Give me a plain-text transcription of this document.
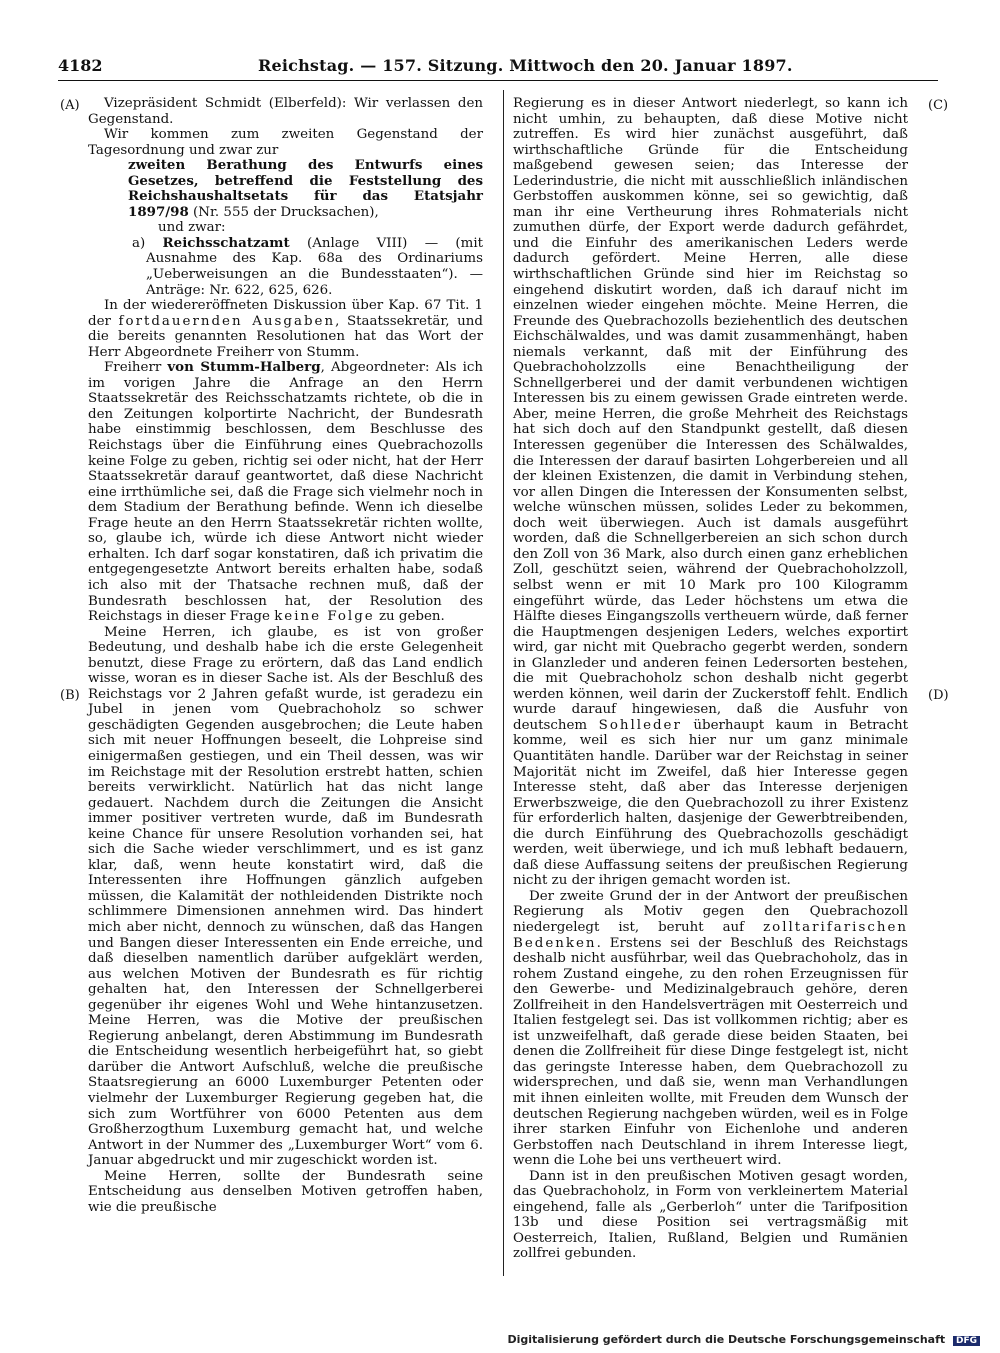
4182	Reichstag. — 157. Sitzung. Mittwoch den 20. Januar 1897.
(A)
(B)
(C)
(D)

Vizepräsident Schmidt (Elberfeld): Wir verlassen den Gegenstand.

Wir kommen zum zweiten Gegenstand der Tagesordnung und zwar zur

zweiten Berathung des Entwurfs eines Gesetzes, betreffend die Feststellung des Reichshaushaltsetats für das Etatsjahr 1897/98 (Nr. 555 der Drucksachen),

und zwar:

a) Reichsschatzamt (Anlage VIII) — (mit Ausnahme des Kap. 68a des Ordinariums „Ueberweisungen an die Bundesstaaten“). — Anträge: Nr. 622, 625, 626.

In der wiedereröffneten Diskussion über Kap. 67 Tit. 1 der fortdauernden Ausgaben, Staatssekretär, und die bereits genannten Resolutionen hat das Wort der Herr Abgeordnete Freiherr von Stumm.

Freiherr von Stumm-Halberg, Abgeordneter: Als ich im vorigen Jahre die Anfrage an den Herrn Staatssekretär des Reichsschatzamts richtete, ob die in den Zeitungen kolportirte Nachricht, der Bundesrath habe einstimmig beschlossen, dem Beschlusse des Reichstags über die Einführung eines Quebrachozolls keine Folge zu geben, richtig sei oder nicht, hat der Herr Staatssekretär darauf geantwortet, daß diese Nachricht eine irrthümliche sei, daß die Frage sich vielmehr noch in dem Stadium der Berathung befinde. Wenn ich dieselbe Frage heute an den Herrn Staatssekretär richten wollte, so, glaube ich, würde ich diese Antwort nicht wieder erhalten. Ich darf sogar konstatiren, daß ich privatim die entgegengesetzte Antwort bereits erhalten habe, sodaß ich also mit der Thatsache rechnen muß, daß der Bundesrath beschlossen hat, der Resolution des Reichstags in dieser Frage keine Folge zu geben.

Meine Herren, ich glaube, es ist von großer Bedeutung, und deshalb habe ich die erste Gelegenheit benutzt, diese Frage zu erörtern, daß das Land endlich wisse, woran es in dieser Sache ist. Als der Beschluß des Reichstags vor 2 Jahren gefaßt wurde, ist geradezu ein Jubel in jenen vom Quebrachoholz so schwer geschädigten Gegenden ausgebrochen; die Leute haben sich mit neuer Hoffnungen beseelt, die Lohpreise sind einigermaßen gestiegen, und ein Theil dessen, was wir im Reichstage mit der Resolution erstrebt hatten, schien bereits verwirklicht. Natürlich hat das nicht lange gedauert. Nachdem durch die Zeitungen die Ansicht immer positiver vertreten wurde, daß im Bundesrath keine Chance für unsere Resolution vorhanden sei, hat sich die Sache wieder verschlimmert, und es ist ganz klar, daß, wenn heute konstatirt wird, daß die Interessenten ihre Hoffnungen gänzlich aufgeben müssen, die Kalamität der nothleidenden Distrikte noch schlimmere Dimensionen annehmen wird. Das hindert mich aber nicht, dennoch zu wünschen, daß das Hangen und Bangen dieser Interessenten ein Ende erreiche, und daß dieselben namentlich darüber aufgeklärt werden, aus welchen Motiven der Bundesrath es für richtig gehalten hat, den Interessen der Schnellgerberei gegenüber ihr eigenes Wohl und Wehe hintanzusetzen. Meine Herren, was die Motive der preußischen Regierung anbelangt, deren Abstimmung im Bundesrath die Entscheidung wesentlich herbeigeführt hat, so giebt darüber die Antwort Aufschluß, welche die preußische Staatsregierung an 6000 Luxemburger Petenten oder vielmehr der Luxemburger Regierung gegeben hat, die sich zum Wortführer von 6000 Petenten aus dem Großherzogthum Luxemburg gemacht hat, und welche Antwort in der Nummer des „Luxemburger Wort“ vom 6. Januar abgedruckt und mir zugeschickt worden ist.

Meine Herren, sollte der Bundesrath seine Entscheidung aus denselben Motiven getroffen haben, wie die preußische

Regierung es in dieser Antwort niederlegt, so kann ich nicht umhin, zu behaupten, daß diese Motive nicht zutreffen. Es wird hier zunächst ausgeführt, daß wirthschaftliche Gründe für die Entscheidung maßgebend gewesen seien; das Interesse der Lederindustrie, die nicht mit ausschließlich inländischen Gerbstoffen auskommen könne, sei so gewichtig, daß man ihr eine Vertheurung ihres Rohmaterials nicht zumuthen dürfe, der Export werde dadurch gefährdet, und die Einfuhr des amerikanischen Leders werde dadurch gefördert. Meine Herren, alle diese wirthschaftlichen Gründe sind hier im Reichstag so eingehend diskutirt worden, daß ich darauf nicht im einzelnen wieder eingehen möchte. Meine Herren, die Freunde des Quebrachozolls beziehentlich des deutschen Eichschälwaldes, und was damit zusammenhängt, haben niemals verkannt, daß mit der Einführung des Quebrachoholzzolls eine Benachtheiligung der Schnellgerberei und der damit verbundenen wichtigen Interessen bis zu einem gewissen Grade eintreten werde. Aber, meine Herren, die große Mehrheit des Reichstags hat sich doch auf den Standpunkt gestellt, daß diesen Interessen gegenüber die Interessen des Schälwaldes, die Interessen der darauf basirten Lohgerbereien und all der kleinen Existenzen, die damit in Verbindung stehen, vor allen Dingen die Interessen der Konsumenten selbst, welche wünschen müssen, solides Leder zu bekommen, doch weit überwiegen. Auch ist damals ausgeführt worden, daß die Schnellgerbereien an sich schon durch den Zoll von 36 Mark, also durch einen ganz erheblichen Zoll, geschützt seien, während der Quebrachoholzzoll, selbst wenn er mit 10 Mark pro 100 Kilogramm eingeführt würde, das Leder höchstens um etwa die Hälfte dieses Eingangszolls vertheuern würde, daß ferner die Hauptmengen desjenigen Leders, welches exportirt wird, gar nicht mit Quebracho gegerbt werden, sondern in Glanzleder und anderen feinen Ledersorten bestehen, die mit Quebrachoholz schon deshalb nicht gegerbt werden können, weil darin der Zuckerstoff fehlt. Endlich wurde darauf hingewiesen, daß die Ausfuhr von deutschem Sohlleder überhaupt kaum in Betracht komme, weil es sich hier nur um ganz minimale Quantitäten handle. Darüber war der Reichstag in seiner Majorität nicht im Zweifel, daß hier Interesse gegen Interesse steht, daß aber das Interesse derjenigen Erwerbszweige, die den Quebrachozoll zu ihrer Existenz für erforderlich halten, dasjenige der Gewerbtreibenden, die durch Einführung des Quebrachozolls geschädigt werden, weit überwiege, und ich muß lebhaft bedauern, daß diese Auffassung seitens der preußischen Regierung nicht zu der ihrigen gemacht worden ist.

Der zweite Grund der in der Antwort der preußischen Regierung als Motiv gegen den Quebrachozoll niedergelegt ist, beruht auf zolltarifarischen Bedenken. Erstens sei der Beschluß des Reichstags deshalb nicht ausführbar, weil das Quebrachoholz, das in rohem Zustand eingehe, zu den rohen Erzeugnissen für den Gewerbe- und Medizinalgebrauch gehöre, deren Zollfreiheit in den Handelsverträgen mit Oesterreich und Italien festgelegt sei. Das ist vollkommen richtig; aber es ist unzweifelhaft, daß gerade diese beiden Staaten, bei denen die Zollfreiheit für diese Dinge festgelegt ist, nicht das geringste Interesse haben, dem Quebrachozoll zu widersprechen, und daß sie, wenn man Verhandlungen mit ihnen einleiten wollte, mit Freuden dem Wunsch der deutschen Regierung nachgeben würden, weil es in Folge ihrer starken Einfuhr von Eichenlohe und anderen Gerbstoffen nach Deutschland in ihrem Interesse liegt, wenn die Lohe bei uns vertheuert wird.

Dann ist in den preußischen Motiven gesagt worden, das Quebrachoholz, in Form von verkleinertem Material eingehend, falle als „Gerberloh“ unter die Tarifposition 13b und diese Position sei vertragsmäßig mit Oesterreich, Italien, Rußland, Belgien und Rumänien zollfrei gebunden.

Digitalisierung gefördert durch die Deutsche Forschungsgemeinschaft DFG
